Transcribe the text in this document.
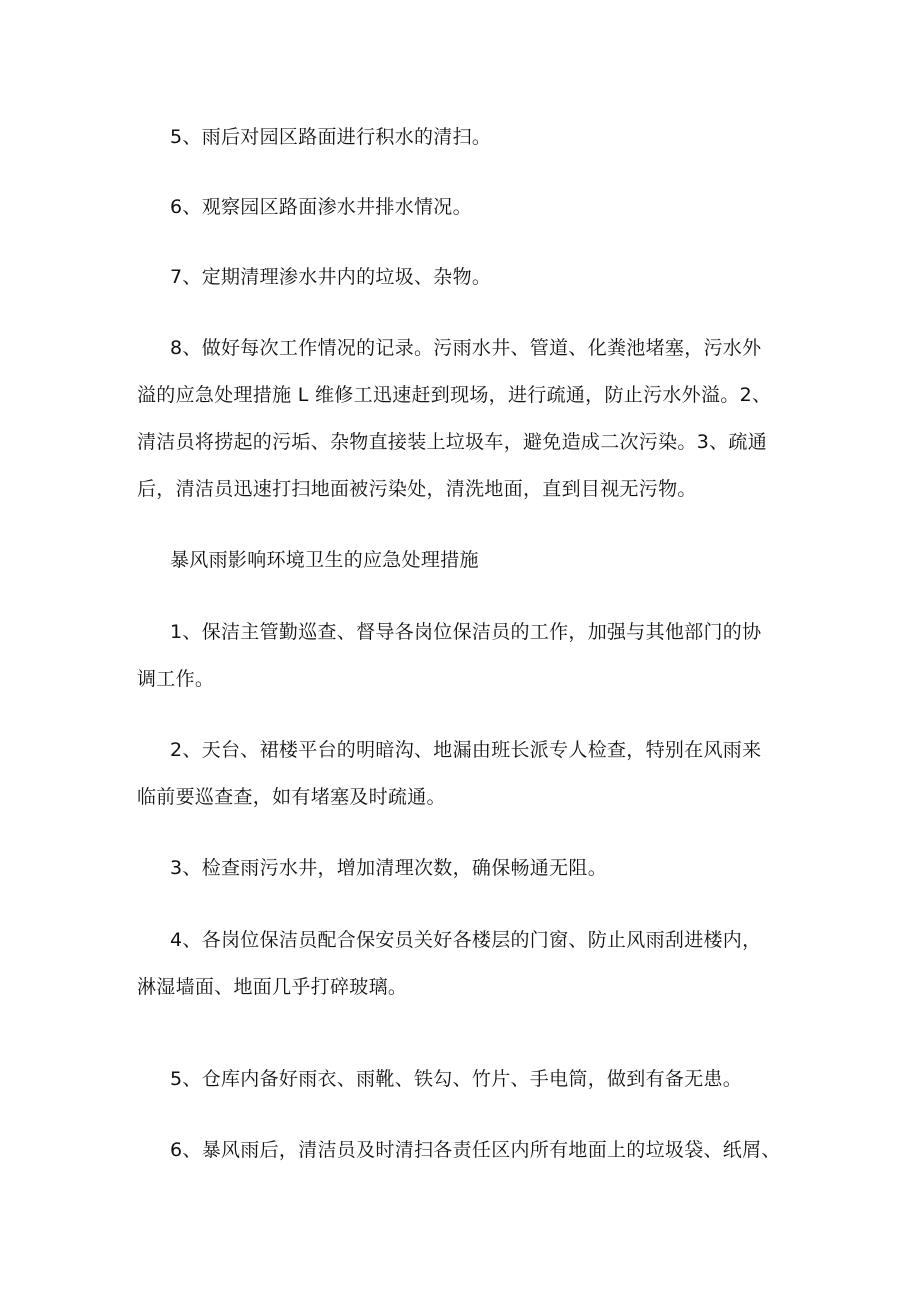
5、雨后对园区路面进行积水的清扫。

6、观察园区路面渗水井排水情况。

7、定期清理渗水井内的垃圾、杂物。

8、做好每次工作情况的记录。污雨水井、管道、化粪池堵塞，污水外
溢的应急处理措施 L 维修工迅速赶到现场，进行疏通，防止污水外溢。2、
清洁员将捞起的污垢、杂物直接装上垃圾车，避免造成二次污染。3、疏通
后，清洁员迅速打扫地面被污染处，清洗地面，直到目视无污物。

暴风雨影响环境卫生的应急处理措施

1、保洁主管勤巡查、督导各岗位保洁员的工作，加强与其他部门的协
调工作。

2、天台、裙楼平台的明暗沟、地漏由班长派专人检查，特别在风雨来
临前要巡查查，如有堵塞及时疏通。

3、检查雨污水井，增加清理次数，确保畅通无阻。

4、各岗位保洁员配合保安员关好各楼层的门窗、防止风雨刮进楼内，
淋湿墙面、地面几乎打碎玻璃。

5、仓库内备好雨衣、雨靴、铁勾、竹片、手电筒，做到有备无患。

6、暴风雨后，清洁员及时清扫各责任区内所有地面上的垃圾袋、纸屑、
